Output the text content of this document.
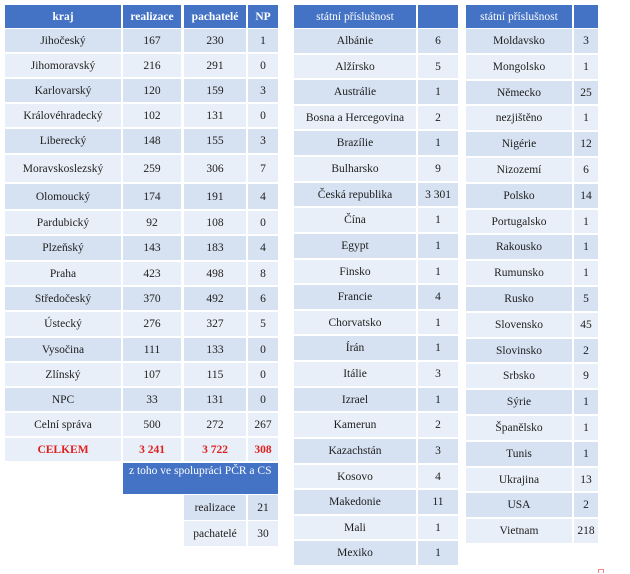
kraj	realizace	pachatelé	NP
Jihočeský	167	230	1
Jihomoravský	216	291	0
Karlovarský	120	159	3
Královéhradecký	102	131	0
Liberecký	148	155	3
Moravskoslezský	259	306	7
Olomoucký	174	191	4
Pardubický	92	108	0
Plzeňský	143	183	4
Praha	423	498	8
Středočeský	370	492	6
Ústecký	276	327	5
Vysočina	111	133	0
Zlínský	107	115	0
NPC	33	131	0
Celní správa	500	272	267
CELKEM	3 241	3 722	308
z toho ve spolupráci PČR a CS
realizace	21
pachatelé	30
státní příslušnost
Albánie	6
Alžírsko	5
Austrálie	1
Bosna a Hercegovina	2
Brazílie	1
Bulharsko	9
Česká republika	3 301
Čína	1
Egypt	1
Finsko	1
Francie	4
Chorvatsko	1
Írán	1
Itálie	3
Izrael	1
Kamerun	2
Kazachstán	3
Kosovo	4
Makedonie	11
Mali	1
Mexiko	1
státní příslušnost
Moldavsko	3
Mongolsko	1
Německo	25
nezjištěno	1
Nigérie	12
Nizozemí	6
Polsko	14
Portugalsko	1
Rakousko	1
Rumunsko	1
Rusko	5
Slovensko	45
Slovinsko	2
Srbsko	9
Sýrie	1
Španělsko	1
Tunis	1
Ukrajina	13
USA	2
Vietnam	218
